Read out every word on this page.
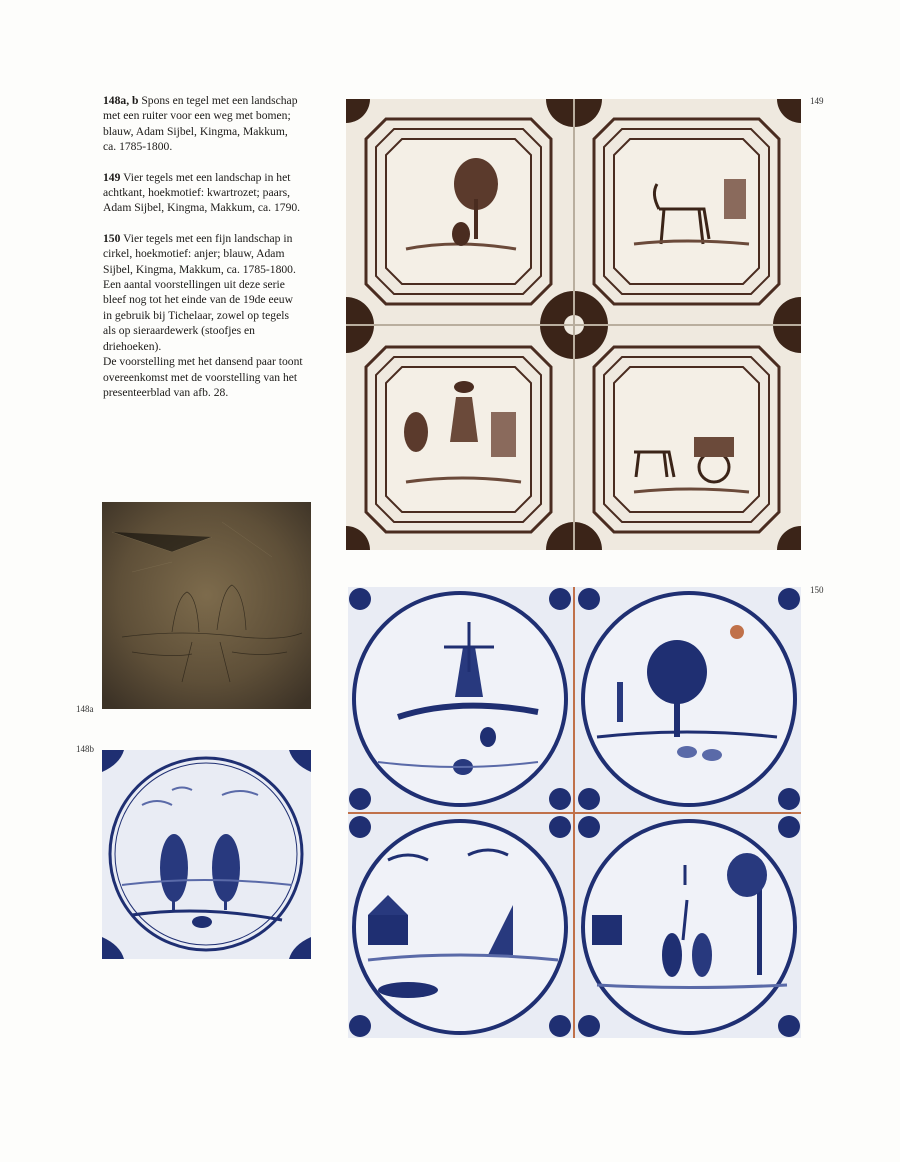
148a, b Spons en tegel met een landschap met een ruiter voor een weg met bomen; blauw, Adam Sijbel, Kingma, Makkum, ca. 1785-1800.

149 Vier tegels met een landschap in het achtkant, hoekmotief: kwartrozet; paars, Adam Sijbel, Kingma, Makkum, ca. 1790.

150 Vier tegels met een fijn landschap in cirkel, hoekmotief: anjer; blauw, Adam Sijbel, Kingma, Makkum, ca. 1785-1800. Een aantal voorstellingen uit deze serie bleef nog tot het einde van de 19de eeuw in gebruik bij Tichelaar, zowel op tegels als op sieraardewerk (stoofjes en driehoeken).
De voorstelling met het dansend paar toont overeenkomst met de voorstelling van het presenteerblad van afb. 28.

148a
148b
149
150
